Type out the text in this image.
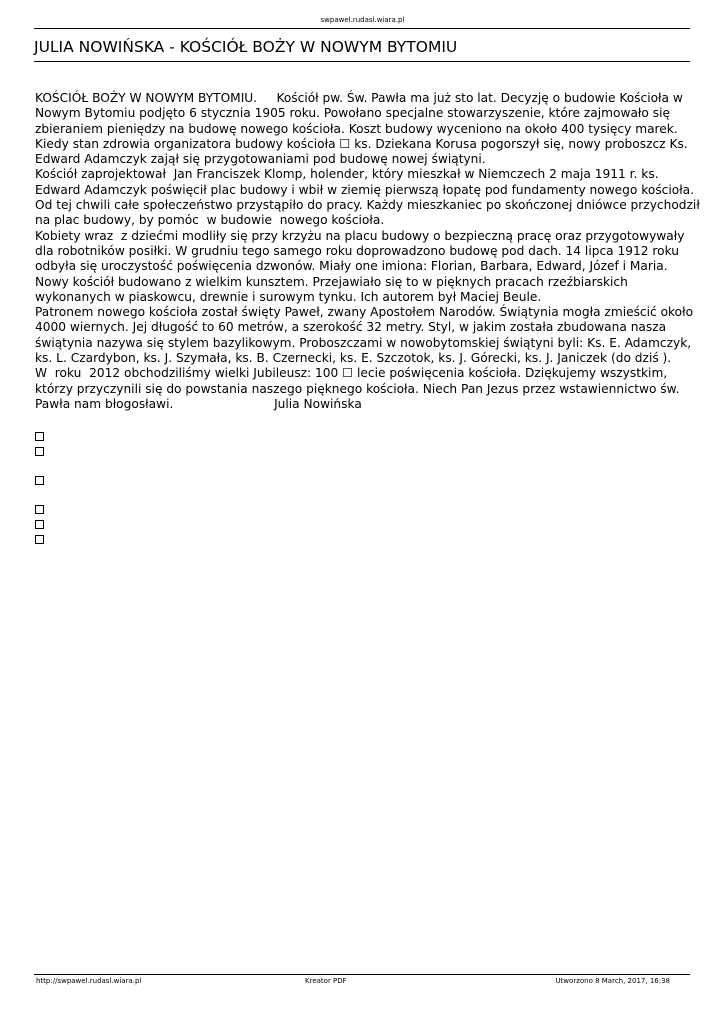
swpawel.rudasl.wiara.pl
JULIA NOWIŃSKA - KOŚCIÓŁ BOŻY W NOWYM BYTOMIU

KOŚCIÓŁ BOŻY W NOWYM BYTOMIU.     Kościół pw. Św. Pawła ma już sto lat. Decyzję o budowie Kościoła w Nowym Bytomiu podjęto 6 stycznia 1905 roku. Powołano specjalne stowarzyszenie, które zajmowało się zbieraniem pieniędzy na budowę nowego kościoła. Koszt budowy wyceniono na około 400 tysięcy marek. Kiedy stan zdrowia organizatora budowy kościoła ☐ ks. Dziekana Korusa pogorszył się, nowy proboszcz Ks. Edward Adamczyk zajął się przygotowaniami pod budowę nowej świątyni.

Kościół zaprojektował  Jan Franciszek Klomp, holender, który mieszkał w Niemczech 2 maja 1911 r. ks. Edward Adamczyk poświęcił plac budowy i wbił w ziemię pierwszą łopatę pod fundamenty nowego kościoła. Od tej chwili całe społeczeństwo przystąpiło do pracy. Każdy mieszkaniec po skończonej dniówce przychodził na plac budowy, by pomóc  w budowie  nowego kościoła.

Kobiety wraz  z dziećmi modliły się przy krzyżu na placu budowy o bezpieczną pracę oraz przygotowywały dla robotników posiłki. W grudniu tego samego roku doprowadzono budowę pod dach. 14 lipca 1912 roku odbyła się uroczystość poświęcenia dzwonów. Miały one imiona: Florian, Barbara, Edward, Józef i Maria.

Nowy kościół budowano z wielkim kunsztem. Przejawiało się to w pięknych pracach rzeźbiarskich wykonanych w piaskowcu, drewnie i surowym tynku. Ich autorem był Maciej Beule.

Patronem nowego kościoła został święty Paweł, zwany Apostołem Narodów. Świątynia mogła zmieścić około 4000 wiernych. Jej długość to 60 metrów, a szerokość 32 metry. Styl, w jakim została zbudowana nasza świątynia nazywa się stylem bazylikowym. Proboszczami w nowobytomskiej świątyni byli: Ks. E. Adamczyk, ks. L. Czardybon, ks. J. Szymała, ks. B. Czernecki, ks. E. Szczotok, ks. J. Górecki, ks. J. Janiczek (do dziś ).

W  roku  2012 obchodziliśmy wielki Jubileusz: 100 ☐ lecie poświęcenia kościoła. Dziękujemy wszystkim, którzy przyczynili się do powstania naszego pięknego kościoła. Niech Pan Jezus przez wstawiennictwo św. Pawła nam błogosławi.                          Julia Nowińska

http://swpawel.rudasl.wiara.pl	Kreator PDF	Utworzono 8 March, 2017, 16:38
